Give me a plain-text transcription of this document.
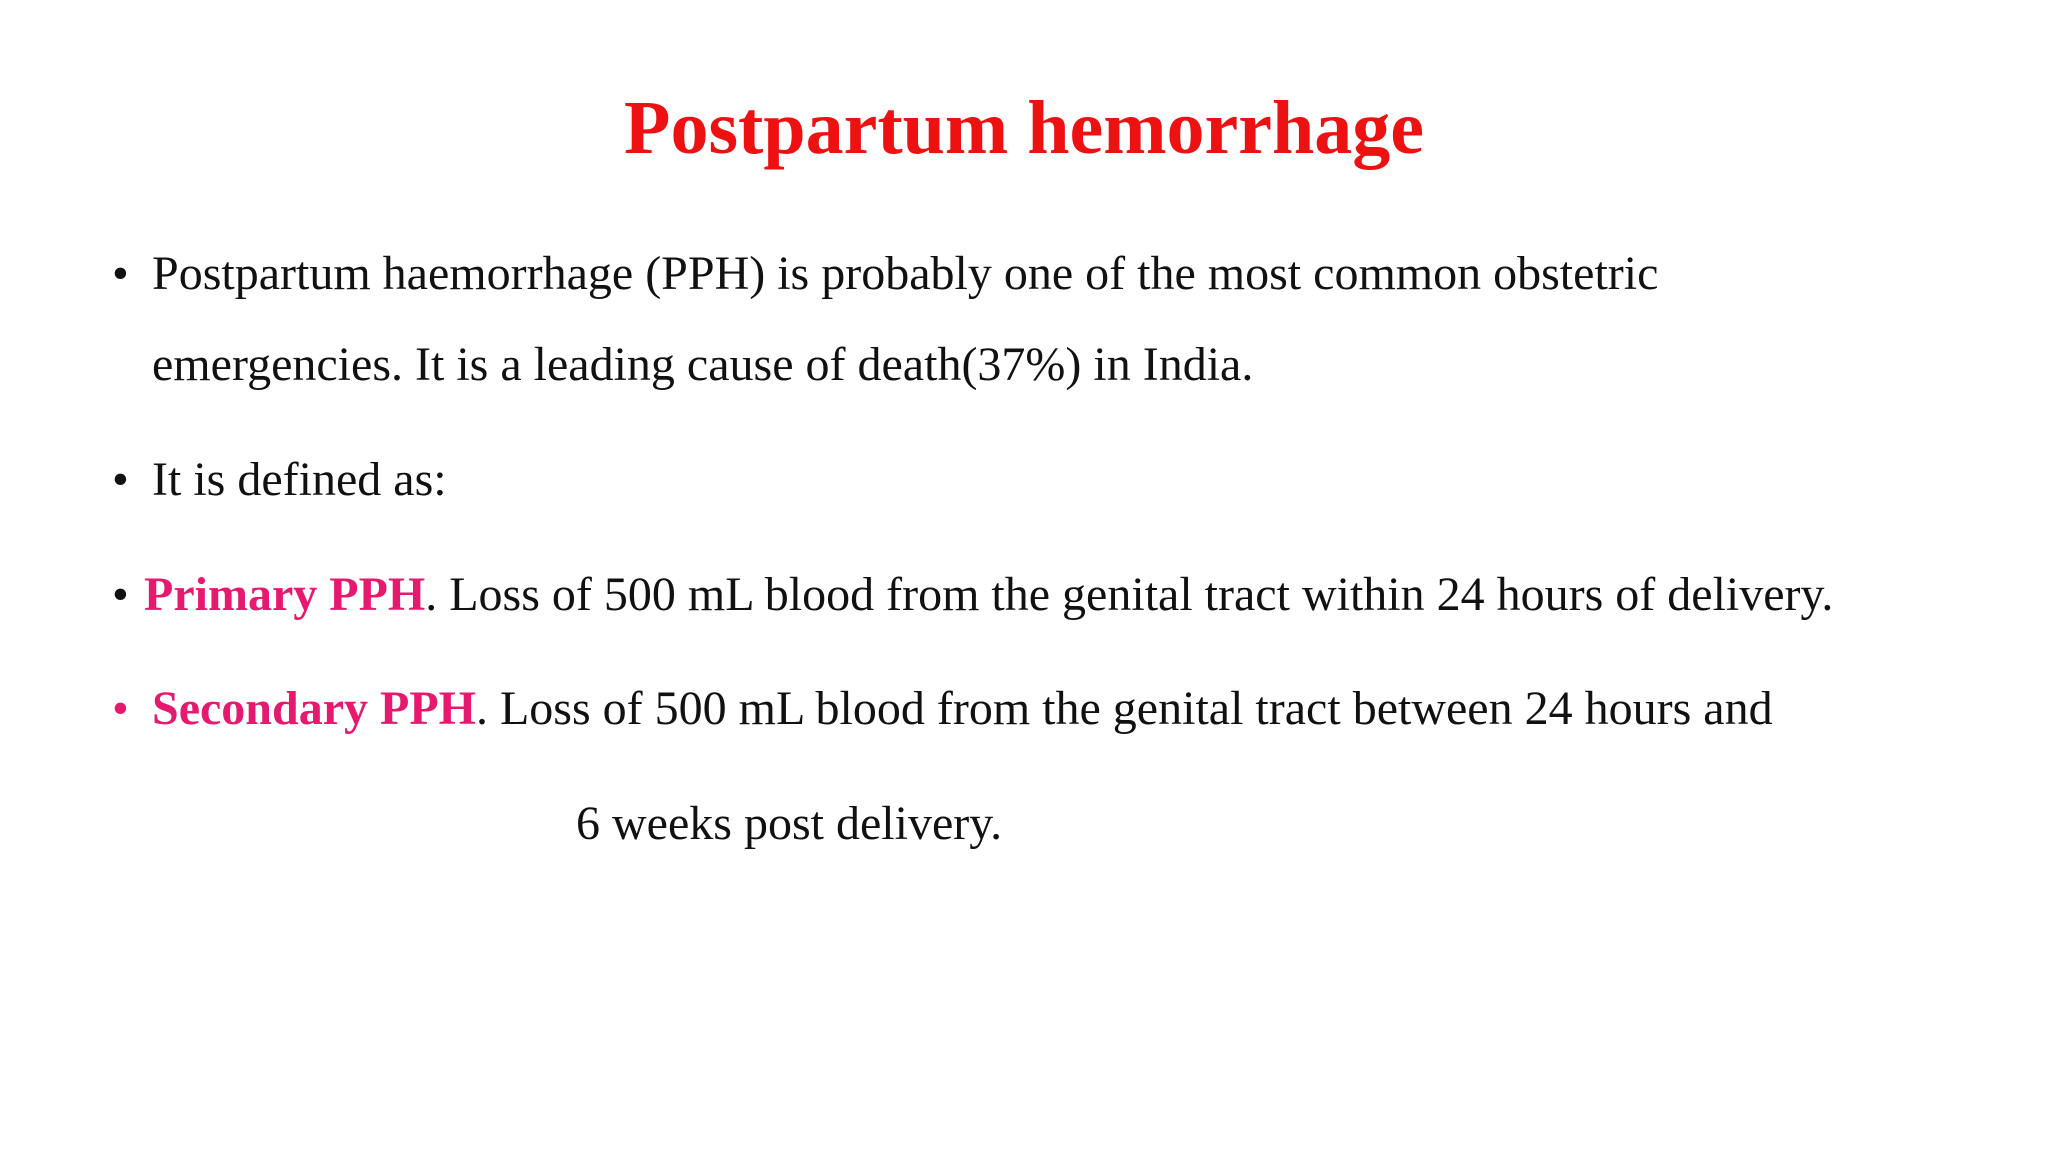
Postpartum hemorrhage
• Postpartum haemorrhage (PPH) is probably one of the most common obstetric

emergencies. It is a leading cause of death(37%) in India.

• It is defined as:

• Primary PPH. Loss of 500 mL blood from the genital tract within 24 hours of delivery.

• Secondary PPH. Loss of 500 mL blood from the genital tract between 24 hours and

6 weeks post delivery.
